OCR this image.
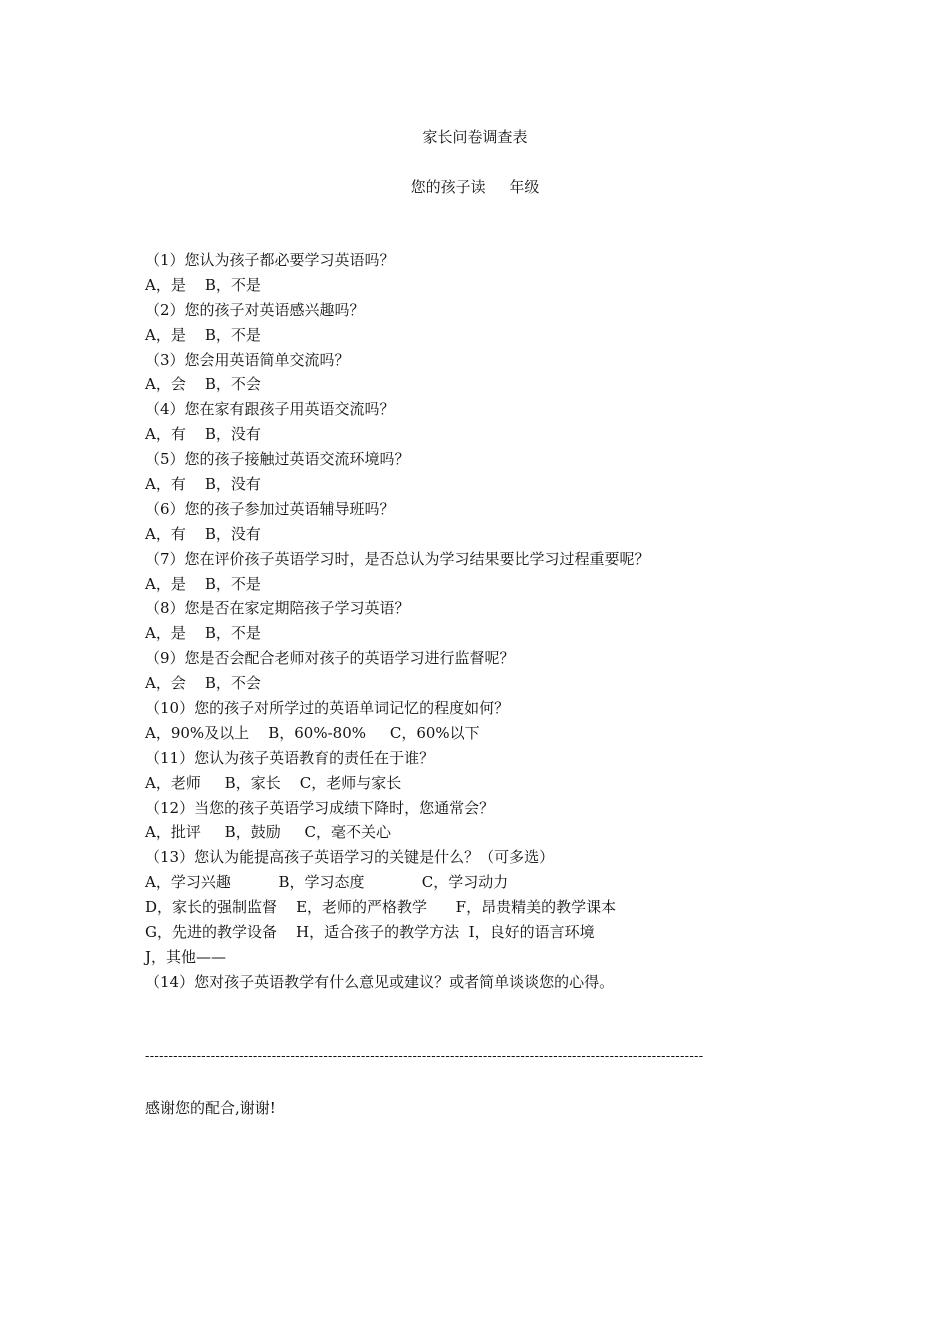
家长问卷调查表
您的孩子读     年级
（1）您认为孩子都必要学习英语吗？
A，是    B，不是
（2）您的孩子对英语感兴趣吗？
A，是    B，不是
（3）您会用英语简单交流吗？
A，会    B，不会
（4）您在家有跟孩子用英语交流吗？
A，有    B，没有
（5）您的孩子接触过英语交流环境吗？
A，有    B，没有
（6）您的孩子参加过英语辅导班吗？
A，有    B，没有
（7）您在评价孩子英语学习时，是否总认为学习结果要比学习过程重要呢？
A，是    B，不是
（8）您是否在家定期陪孩子学习英语？
A，是    B，不是
（9）您是否会配合老师对孩子的英语学习进行监督呢？
A，会    B，不会
（10）您的孩子对所学过的英语单词记忆的程度如何？
A，90%及以上    B，60%-80%     C，60%以下
（11）您认为孩子英语教育的责任在于谁？
A，老师     B，家长    C，老师与家长
（12）当您的孩子英语学习成绩下降时，您通常会？
A，批评     B，鼓励     C，毫不关心
（13）您认为能提高孩子英语学习的关键是什么？（可多选）
A，学习兴趣          B，学习态度            C，学习动力
D，家长的强制监督    E，老师的严格教学      F，昂贵精美的教学课本
G，先进的教学设备    H，适合孩子的教学方法  I，良好的语言环境
J，其他——
（14）您对孩子英语教学有什么意见或建议？或者简单谈谈您的心得。
-----------------------------------------------------------------------------------------------------------------------
感谢您的配合,谢谢!
